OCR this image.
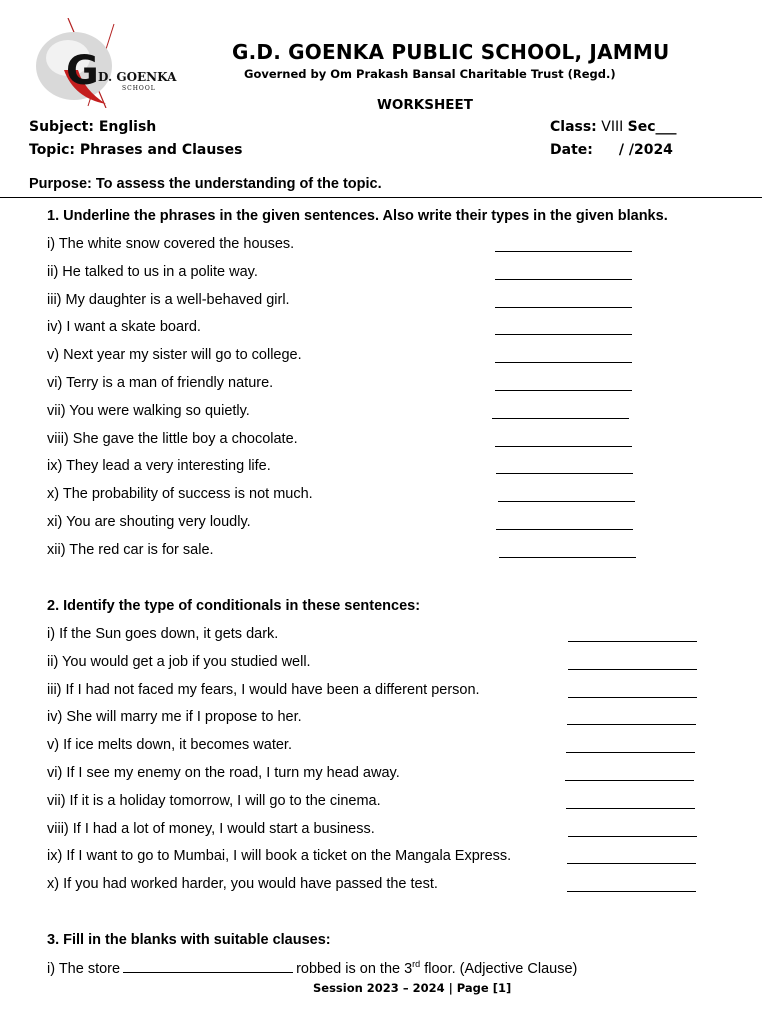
G D. GOENKA
SCHOOL
G.D. GOENKA PUBLIC SCHOOL, JAMMU
Governed by Om Prakash Bansal Charitable Trust (Regd.)
WORKSHEET
Subject: English
Topic: Phrases and Clauses
Class: VIII Sec___
Date: / /2024
Purpose: To assess the understanding of the topic.
1. Underline the phrases in the given sentences. Also write their types in the given blanks.
i) The white snow covered the houses.
ii) He talked to us in a polite way.
iii) My daughter is a well-behaved girl.
iv) I want a skate board.
v) Next year my sister will go to college.
vi) Terry is a man of friendly nature.
vii) You were walking so quietly.
viii) She gave the little boy a chocolate.
ix) They lead a very interesting life.
x) The probability of success is not much.
xi) You are shouting very loudly.
xii) The red car is for sale.
2. Identify the type of conditionals in these sentences:
i) If the Sun goes down, it gets dark.
ii) You would get a job if you studied well.
iii) If I had not faced my fears, I would have been a different person.
iv) She will marry me if I propose to her.
v) If ice melts down, it becomes water.
vi) If I see my enemy on the road, I turn my head away.
vii) If it is a holiday tomorrow, I will go to the cinema.
viii) If I had a lot of money, I would start a business.
ix) If I want to go to Mumbai, I will book a ticket on the Mangala Express.
x) If you had worked harder, you would have passed the test.
3. Fill in the blanks with suitable clauses:
i) The store	robbed is on the 3rd floor. (Adjective Clause)
Session 2023 – 2024 | Page [1]
